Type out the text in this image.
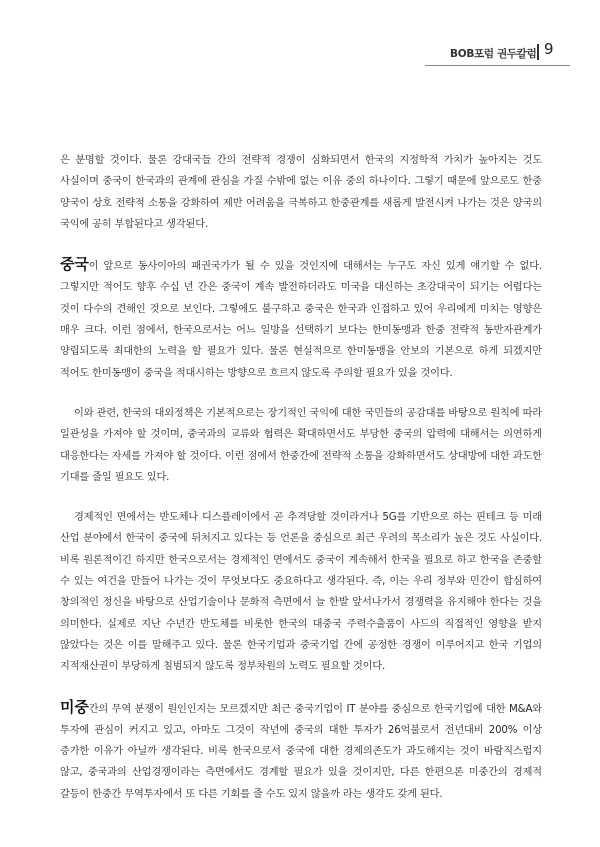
BOB포럼 권두칼럼 9

은 분명할 것이다. 물론 강대국들 간의 전략적 경쟁이 심화되면서 한국의 지정학적 가치가 높아지는 것도 사실이며 중국이 한국과의 관계에 관심을 가질 수밖에 없는 이유 중의 하나이다. 그렇기 때문에 앞으로도 한중 양국이 상호 전략적 소통을 강화하여 제반 어려움을 극복하고 한중관계를 새롭게 발전시켜 나가는 것은 양국의 국익에 공히 부합된다고 생각된다.

중국이 앞으로 동사이아의 패권국가가 될 수 있을 것인지에 대해서는 누구도 자신 있게 얘기할 수 없다. 그렇지만 적어도 향후 수십 년 간은 중국이 계속 발전하더라도 미국을 대신하는 초강대국이 되기는 어렵다는 것이 다수의 견해인 것으로 보인다. 그렇에도 불구하고 중국은 한국과 인접하고 있어 우리에게 미치는 영향은 매우 크다. 이런 점에서, 한국으로서는 어느 일방을 선택하기 보다는 한미동맹과 한중 전략적 동반자관계가 양립되도록 최대한의 노력을 할 필요가 있다. 물론 현실적으로 한미동맹을 안보의 기본으로 하게 되겠지만 적어도 한미동맹이 중국을 적대시하는 방향으로 흐르지 않도록 주의할 필요가 있을 것이다.

이와 관련, 한국의 대외정책은 기본적으로는 장기적인 국익에 대한 국민들의 공감대를 바탕으로 원칙에 따라 일관성을 가져야 할 것이며, 중국과의 교류와 협력은 확대하면서도 부당한 중국의 압력에 대해서는 의연하게 대응한다는 자세를 가져야 할 것이다. 이런 점에서 한중간에 전략적 소통을 강화하면서도 상대방에 대한 과도한 기대를 줄일 필요도 있다.

경제적인 면에서는 반도체나 디스플레이에서 곧 추격당할 것이라거나 5G를 기반으로 하는 핀테크 등 미래 산업 분야에서 한국이 중국에 뒤처지고 있다는 등 언론을 중심으로 최근 우려의 목소리가 높은 것도 사실이다. 비록 원론적이긴 하지만 한국으로서는 경제적인 면에서도 중국이 계속해서 한국을 필요로 하고 한국을 존중할 수 있는 여건을 만들어 나가는 것이 무엇보다도 중요하다고 생각된다. 즉, 이는 우리 정부와 민간이 합심하여 창의적인 정신을 바탕으로 산업기술이나 문화적 측면에서 늘 한발 앞서나가서 경쟁력을 유지해야 한다는 것을 의미한다. 실제로 지난 수년간 반도체를 비롯한 한국의 대중국 주력수출품이 사드의 직접적인 영향을 받지 않았다는 것은 이를 말해주고 있다. 물론 한국기업과 중국기업 간에 공정한 경쟁이 이루어지고 한국 기업의 지적재산권이 부당하게 침범되지 않도록 정부차원의 노력도 필요할 것이다.

미중간의 무역 분쟁이 원인인지는 모르겠지만 최근 중국기업이 IT 분야를 중심으로 한국기업에 대한 M&A와 투자에 관심이 커지고 있고, 아마도 그것이 작년에 중국의 대한 투자가 26억불로서 전년대비 200% 이상 증가한 이유가 아닐까 생각된다. 비록 한국으로서 중국에 대한 경제의존도가 과도해지는 것이 바람직스럽지 않고, 중국과의 산업경쟁이라는 측면에서도 경계할 필요가 있을 것이지만, 다른 한편으론 미중간의 경제적 갈등이 한중간 무역투자에서 또 다른 기회를 줄 수도 있지 않을까 라는 생각도 갖게 된다.
